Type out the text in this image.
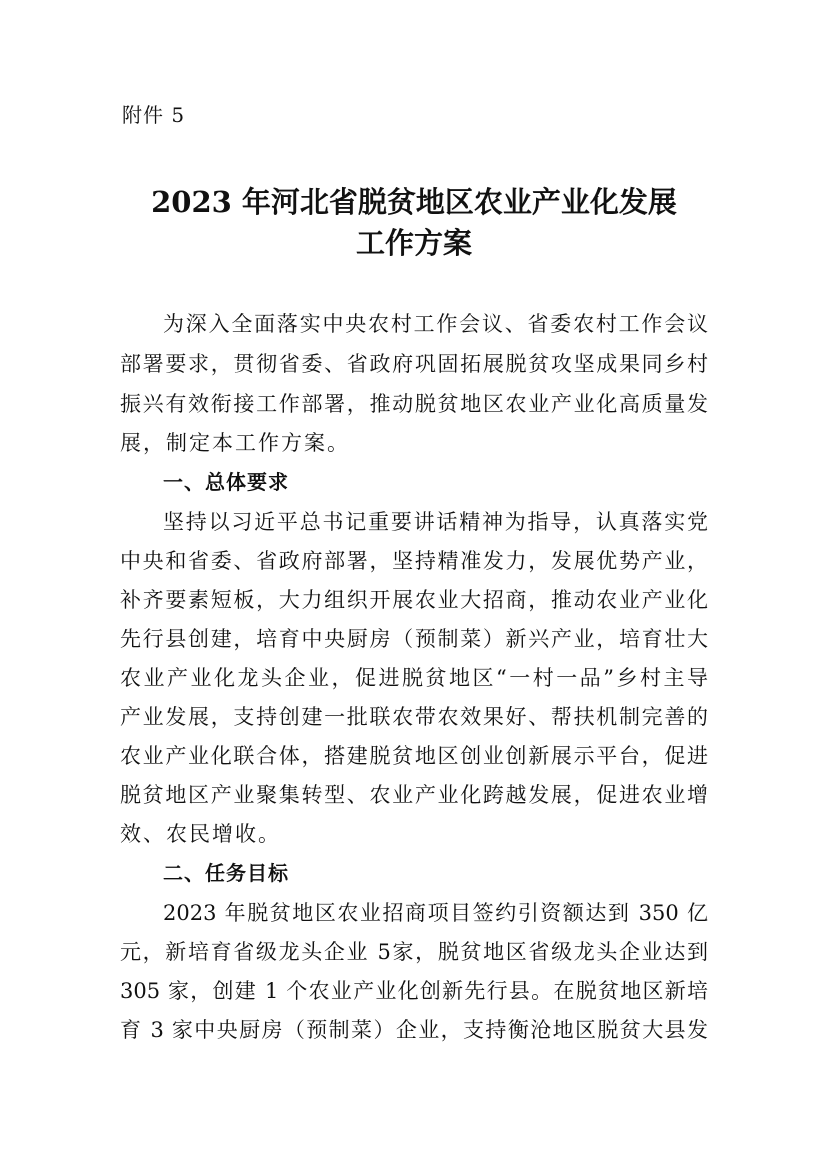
附件 5
2023 年河北省脱贫地区农业产业化发展
工作方案
为深入全面落实中央农村工作会议、省委农村工作会议
部署要求，贯彻省委、省政府巩固拓展脱贫攻坚成果同乡村
振兴有效衔接工作部署，推动脱贫地区农业产业化高质量发
展，制定本工作方案。
一、总体要求
坚持以习近平总书记重要讲话精神为指导，认真落实党
中央和省委、省政府部署，坚持精准发力，发展优势产业，
补齐要素短板，大力组织开展农业大招商，推动农业产业化
先行县创建，培育中央厨房（预制菜）新兴产业，培育壮大
农业产业化龙头企业，促进脱贫地区“一村一品”乡村主导
产业发展，支持创建一批联农带农效果好、帮扶机制完善的
农业产业化联合体，搭建脱贫地区创业创新展示平台，促进
脱贫地区产业聚集转型、农业产业化跨越发展，促进农业增
效、农民增收。
二、任务目标
2023 年脱贫地区农业招商项目签约引资额达到 350 亿
元，新培育省级龙头企业 5家，脱贫地区省级龙头企业达到
305 家，创建 1 个农业产业化创新先行县。在脱贫地区新培
育 3 家中央厨房（预制菜）企业，支持衡沧地区脱贫大县发
